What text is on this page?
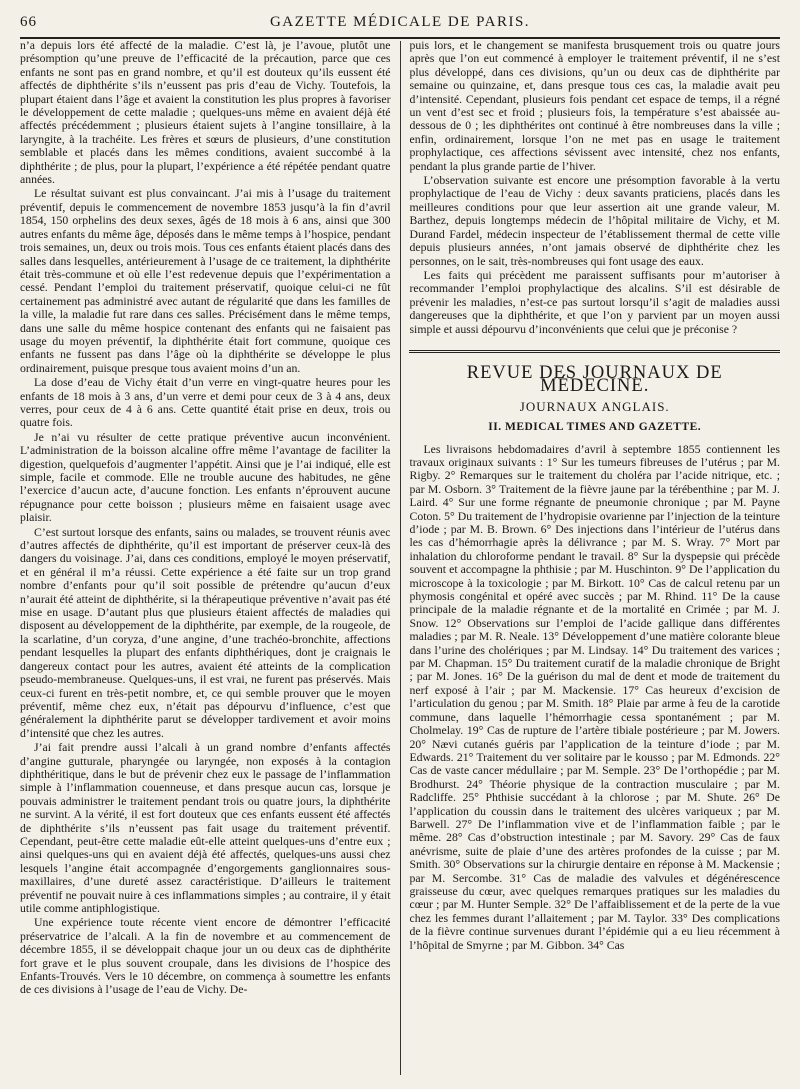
66	GAZETTE MÉDICALE DE PARIS.

n’a depuis lors été affecté de la maladie. C’est là, je l’avoue, plutôt une présomption qu’une preuve de l’efficacité de la précaution, parce que ces enfants ne sont pas en grand nombre, et qu’il est douteux qu’ils eussent été affectés de diphthérite s’ils n’eussent pas pris d’eau de Vichy. Toutefois, la plupart étaient dans l’âge et avaient la constitution les plus propres à favoriser le développement de cette maladie ; quelques-uns même en avaient déjà été affectés précédemment ; plusieurs étaient sujets à l’angine tonsillaire, à la laryngite, à la trachéite. Les frères et sœurs de plusieurs, d’une constitution semblable et placés dans les mêmes conditions, avaient succombé à la diphthérite ; de plus, pour la plupart, l’expérience a été répétée pendant quatre années.

Le résultat suivant est plus convaincant. J’ai mis à l’usage du traitement préventif, depuis le commencement de novembre 1853 jusqu’à la fin d’avril 1854, 150 orphelins des deux sexes, âgés de 18 mois à 6 ans, ainsi que 300 autres enfants du même âge, déposés dans le même temps à l’hospice, pendant trois semaines, un, deux ou trois mois. Tous ces enfants étaient placés dans des salles dans lesquelles, antérieurement à l’usage de ce traitement, la diphthérite était très-commune et où elle l’est redevenue depuis que l’expérimentation a cessé. Pendant l’emploi du traitement préservatif, quoique celui-ci ne fût certainement pas administré avec autant de régularité que dans les familles de la ville, la maladie fut rare dans ces salles. Précisément dans le même temps, dans une salle du même hospice contenant des enfants qui ne faisaient pas usage du moyen préventif, la diphthérite était fort commune, quoique ces enfants ne fussent pas dans l’âge où la diphthérite se développe le plus ordinairement, puisque presque tous avaient moins d’un an.

La dose d’eau de Vichy était d’un verre en vingt-quatre heures pour les enfants de 18 mois à 3 ans, d’un verre et demi pour ceux de 3 à 4 ans, deux verres, pour ceux de 4 à 6 ans. Cette quantité était prise en deux, trois ou quatre fois.

Je n’ai vu résulter de cette pratique préventive aucun inconvénient. L’administration de la boisson alcaline offre même l’avantage de faciliter la digestion, quelquefois d’augmenter l’appétit. Ainsi que je l’ai indiqué, elle est simple, facile et commode. Elle ne trouble aucune des habitudes, ne gêne l’exercice d’aucun acte, d’aucune fonction. Les enfants n’éprouvent aucune répugnance pour cette boisson ; plusieurs même en faisaient usage avec plaisir.

C’est surtout lorsque des enfants, sains ou malades, se trouvent réunis avec d’autres affectés de diphthérite, qu’il est important de préserver ceux-là des dangers du voisinage. J’ai, dans ces conditions, employé le moyen préservatif, et en général il m’a réussi. Cette expérience a été faite sur un trop grand nombre d’enfants pour qu’il soit possible de prétendre qu’aucun d’eux n’aurait été atteint de diphthérite, si la thérapeutique préventive n’avait pas été mise en usage. D’autant plus que plusieurs étaient affectés de maladies qui disposent au développement de la diphthérite, par exemple, de la rougeole, de la scarlatine, d’un coryza, d’une angine, d’une trachéo-bronchite, affections pendant lesquelles la plupart des enfants diphthériques, dont je craignais le dangereux contact pour les autres, avaient été atteints de la complication pseudo-membraneuse. Quelques-uns, il est vrai, ne furent pas préservés. Mais ceux-ci furent en très-petit nombre, et, ce qui semble prouver que le moyen préventif, même chez eux, n’était pas dépourvu d’influence, c’est que généralement la diphthérite parut se développer tardivement et avoir moins d’intensité que chez les autres.

J’ai fait prendre aussi l’alcali à un grand nombre d’enfants affectés d’angine gutturale, pharyngée ou laryngée, non exposés à la contagion diphthéritique, dans le but de prévenir chez eux le passage de l’inflammation simple à l’inflammation couenneuse, et dans presque aucun cas, lorsque je pouvais administrer le traitement pendant trois ou quatre jours, la diphthérite ne survint. A la vérité, il est fort douteux que ces enfants eussent été affectés de diphthérite s’ils n’eussent pas fait usage du traitement préventif. Cependant, peut-être cette maladie eût-elle atteint quelques-uns d’entre eux ; ainsi quelques-uns qui en avaient déjà été affectés, quelques-uns aussi chez lesquels l’angine était accompagnée d’engorgements ganglionnaires sous-maxillaires, d’une dureté assez caractéristique. D’ailleurs le traitement préventif ne pouvait nuire à ces inflammations simples ; au contraire, il y était utile comme antiphlogistique.

Une expérience toute récente vient encore de démontrer l’efficacité préservatrice de l’alcali. A la fin de novembre et au commencement de décembre 1855, il se développait chaque jour un ou deux cas de diphthérite fort grave et le plus souvent croupale, dans les divisions de l’hospice des Enfants-Trouvés. Vers le 10 décembre, on commença à soumettre les enfants de ces divisions à l’usage de l’eau de Vichy. De-

puis lors, et le changement se manifesta brusquement trois ou quatre jours après que l’on eut commencé à employer le traitement préventif, il ne s’est plus développé, dans ces divisions, qu’un ou deux cas de diphthérite par semaine ou quinzaine, et, dans presque tous ces cas, la maladie avait peu d’intensité. Cependant, plusieurs fois pendant cet espace de temps, il a régné un vent d’est sec et froid ; plusieurs fois, la température s’est abaissée au-dessous de 0 ; les diphthérites ont continué à être nombreuses dans la ville ; enfin, ordinairement, lorsque l’on ne met pas en usage le traitement prophylactique, ces affections sévissent avec intensité, chez nos enfants, pendant la plus grande partie de l’hiver.

L’observation suivante est encore une présomption favorable à la vertu prophylactique de l’eau de Vichy : deux savants praticiens, placés dans les meilleures conditions pour que leur assertion ait une grande valeur, M. Barthez, depuis longtemps médecin de l’hôpital militaire de Vichy, et M. Durand Fardel, médecin inspecteur de l’établissement thermal de cette ville depuis plusieurs années, n’ont jamais observé de diphthérite chez les personnes, on le sait, très-nombreuses qui font usage des eaux.

Les faits qui précèdent me paraissent suffisants pour m’autoriser à recommander l’emploi prophylactique des alcalins. S’il est désirable de prévenir les maladies, n’est-ce pas surtout lorsqu’il s’agit de maladies aussi dangereuses que la diphthérite, et que l’on y parvient par un moyen aussi simple et aussi dépourvu d’inconvénients que celui que je préconise ?

REVUE DES JOURNAUX DE MÉDECINE.
JOURNAUX ANGLAIS.
II. MEDICAL TIMES AND GAZETTE.

Les livraisons hebdomadaires d’avril à septembre 1855 contiennent les travaux originaux suivants : 1° Sur les tumeurs fibreuses de l’utérus ; par M. Rigby. 2° Remarques sur le traitement du choléra par l’acide nitrique, etc. ; par M. Osborn. 3° Traitement de la fièvre jaune par la térébenthine ; par M. J. Laird. 4° Sur une forme régnante de pneumonie chronique ; par M. Payne Coton. 5° Du traitement de l’hydropisie ovarienne par l’injection de la teinture d’iode ; par M. B. Brown. 6° Des injections dans l’intérieur de l’utérus dans les cas d’hémorrhagie après la délivrance ; par M. S. Wray. 7° Mort par inhalation du chloroforme pendant le travail. 8° Sur la dyspepsie qui précède souvent et accompagne la phthisie ; par M. Huschinton. 9° De l’application du microscope à la toxicologie ; par M. Birkott. 10° Cas de calcul retenu par un phymosis congénital et opéré avec succès ; par M. Rhind. 11° De la cause principale de la maladie régnante et de la mortalité en Crimée ; par M. J. Snow. 12° Observations sur l’emploi de l’acide gallique dans différentes maladies ; par M. R. Neale. 13° Développement d’une matière colorante bleue dans l’urine des cholériques ; par M. Lindsay. 14° Du traitement des varices ; par M. Chapman. 15° Du traitement curatif de la maladie chronique de Bright ; par M. Jones. 16° De la guérison du mal de dent et mode de traitement du nerf exposé à l’air ; par M. Mackensie. 17° Cas heureux d’excision de l’articulation du genou ; par M. Smith. 18° Plaie par arme à feu de la carotide commune, dans laquelle l’hémorrhagie cessa spontanément ; par M. Cholmelay. 19° Cas de rupture de l’artère tibiale postérieure ; par M. Jowers. 20° Nævi cutanés guéris par l’application de la teinture d’iode ; par M. Edwards. 21° Traitement du ver solitaire par le kousso ; par M. Edmonds. 22° Cas de vaste cancer médullaire ; par M. Semple. 23° De l’orthopédie ; par M. Brodhurst. 24° Théorie physique de la contraction musculaire ; par M. Radcliffe. 25° Phthisie succédant à la chlorose ; par M. Shute. 26° De l’application du coussin dans le traitement des ulcères variqueux ; par M. Barwell. 27° De l’inflammation vive et de l’inflammation faible ; par le même. 28° Cas d’obstruction intestinale ; par M. Savory. 29° Cas de faux anévrisme, suite de plaie d’une des artères profondes de la cuisse ; par M. Smith. 30° Observations sur la chirurgie dentaire en réponse à M. Mackensie ; par M. Sercombe. 31° Cas de maladie des valvules et dégénérescence graisseuse du cœur, avec quelques remarques pratiques sur les maladies du cœur ; par M. Hunter Semple. 32° De l’affaiblissement et de la perte de la vue chez les femmes durant l’allaitement ; par M. Taylor. 33° Des complications de la fièvre continue survenues durant l’épidémie qui a eu lieu récemment à l’hôpital de Smyrne ; par M. Gibbon. 34° Cas
